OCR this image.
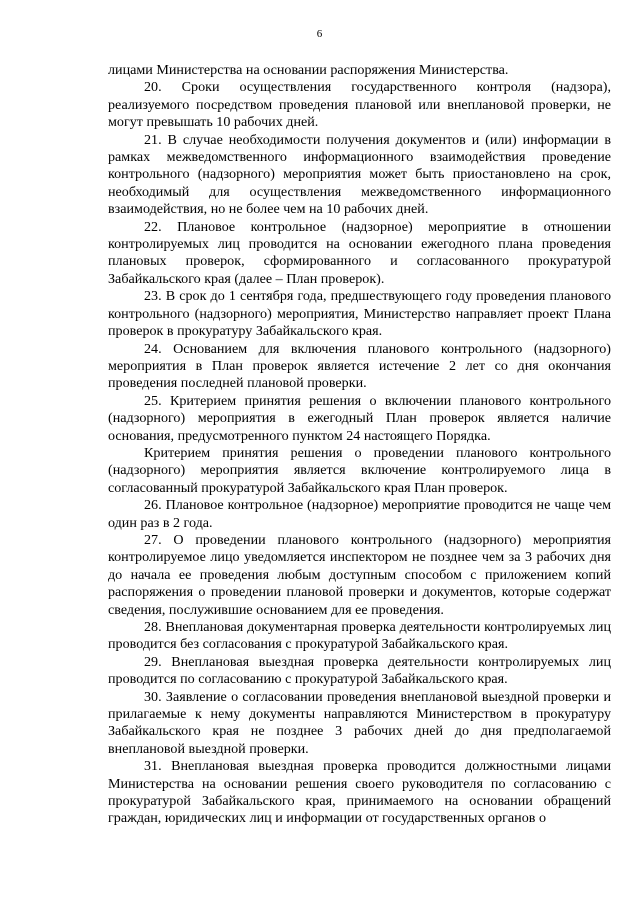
6

лицами Министерства на основании распоряжения Министерства.

20. Сроки осуществления государственного контроля (надзора), реализуемого посредством проведения плановой или внеплановой проверки, не могут превышать 10 рабочих дней.

21. В случае необходимости получения документов и (или) информации в рамках межведомственного информационного взаимодействия проведение контрольного (надзорного) мероприятия может быть приостановлено на срок, необходимый для осуществления межведомственного информационного взаимодействия, но не более чем на 10 рабочих дней.

22. Плановое контрольное (надзорное) мероприятие в отношении контролируемых лиц проводится на основании ежегодного плана проведения плановых проверок, сформированного и согласованного прокуратурой Забайкальского края (далее – План проверок).

23. В срок до 1 сентября года, предшествующего году проведения планового контрольного (надзорного) мероприятия, Министерство направляет проект Плана проверок в прокуратуру Забайкальского края.

24. Основанием для включения планового контрольного (надзорного) мероприятия в План проверок является истечение 2 лет со дня окончания проведения последней плановой проверки.

25. Критерием принятия решения о включении планового контрольного (надзорного) мероприятия в ежегодный План проверок является наличие основания, предусмотренного пунктом 24 настоящего Порядка.

Критерием принятия решения о проведении планового контрольного (надзорного) мероприятия является включение контролируемого лица в согласованный прокуратурой Забайкальского края План проверок.

26. Плановое контрольное (надзорное) мероприятие проводится не чаще чем один раз в 2 года.

27. О проведении планового контрольного (надзорного) мероприятия контролируемое лицо уведомляется инспектором не позднее чем за 3 рабочих дня до начала ее проведения любым доступным способом с приложением копий распоряжения о проведении плановой проверки и документов, которые содержат сведения, послужившие основанием для ее проведения.

28. Внеплановая документарная проверка деятельности контролируемых лиц проводится без согласования с прокуратурой Забайкальского края.

29. Внеплановая выездная проверка деятельности контролируемых лиц проводится по согласованию с прокуратурой Забайкальского края.

30. Заявление о согласовании проведения внеплановой выездной проверки и прилагаемые к нему документы направляются Министерством в прокуратуру Забайкальского края не позднее 3 рабочих дней до дня предполагаемой внеплановой выездной проверки.

31. Внеплановая выездная проверка проводится должностными лицами Министерства на основании решения своего руководителя по согласованию с прокуратурой Забайкальского края, принимаемого на основании обращений граждан, юридических лиц и информации от государственных органов о
